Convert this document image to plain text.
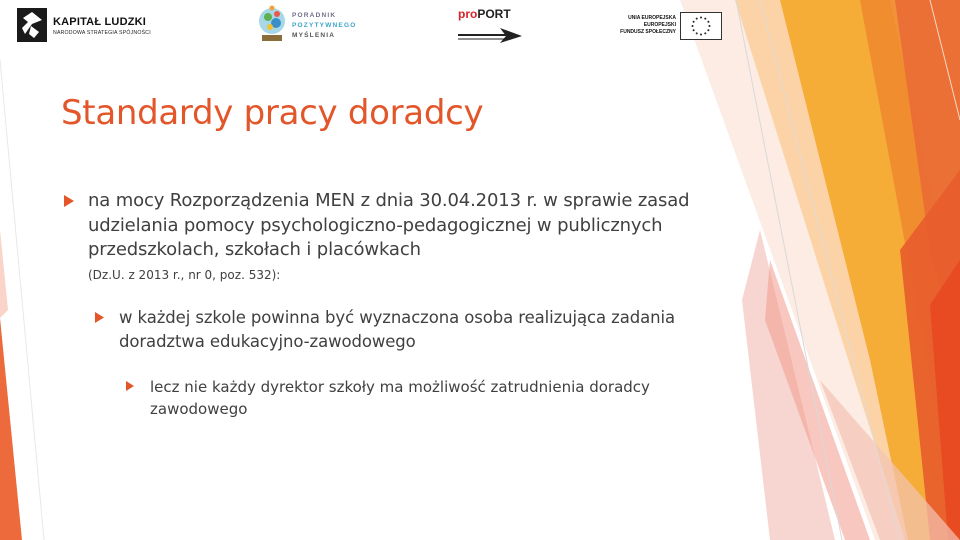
KAPITAŁ LUDZKI
NARODOWA STRATEGIA SPÓJNOŚCI
PORADNIK
POZYTYWNEGO
MYŚLENIA
proPORT	UNIA EUROPEJSKA
EUROPEJSKI
FUNDUSZ SPOŁECZNY
Standardy pracy doradcy
na mocy Rozporządzenia MEN z dnia 30.04.2013 r. w sprawie zasad udzielania pomocy psychologiczno-pedagogicznej w publicznych przedszkolach, szkołach i placówkach
(Dz.U. z 2013 r., nr 0, poz. 532):
w każdej szkole powinna być wyznaczona osoba realizująca zadania doradztwa edukacyjno-zawodowego
lecz nie każdy dyrektor szkoły ma możliwość zatrudnienia doradcy zawodowego
